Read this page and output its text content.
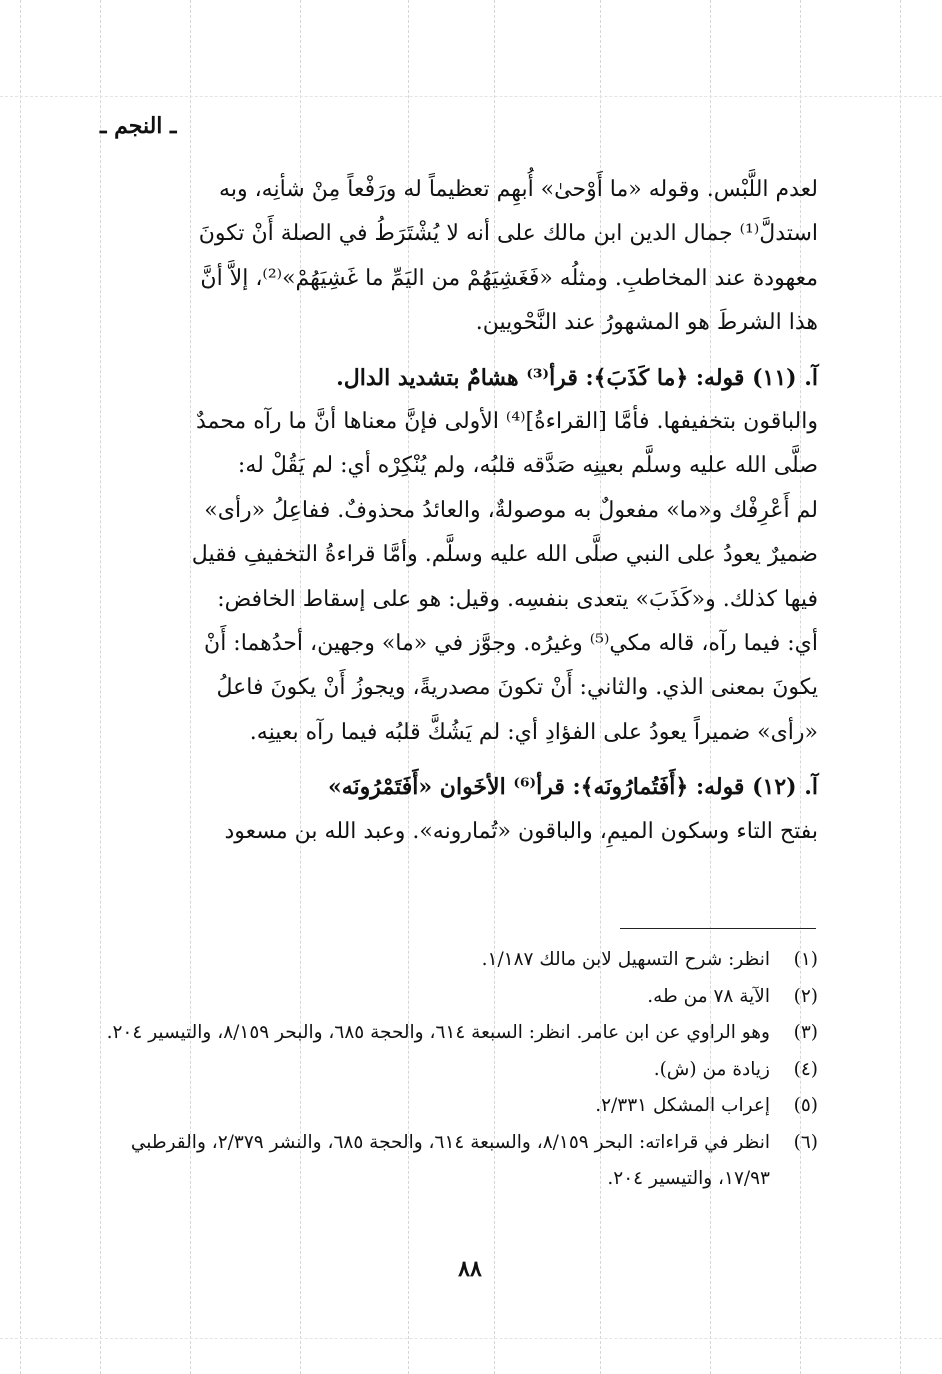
ـ النجم ـ

لعدم اللَّبْس. وقوله «ما أَوْحىٰ» أُبهِم تعظيماً له ورَفْعاً مِنْ شأنِه، وبه

استدلَّ⁽¹⁾ جمال الدين ابن مالك على أنه لا يُشْتَرَطُ في الصلة أَنْ تكونَ

معهودة عند المخاطبِ. ومثلُه «فَغَشِيَهُمْ من اليَمِّ ما غَشِيَهُمْ»⁽²⁾، إلاَّ أنَّ

هذا الشرطَ هو المشهورُ عند النَّحْويين.

آ. (١١) قوله: ﴿ما كَذَبَ﴾: قرأ⁽³⁾ هشامٌ بتشديد الدال.

والباقون بتخفيفها. فأمَّا [القراءةُ]⁽⁴⁾ الأولى فإنَّ معناها أنَّ ما رآه محمدٌ

صلَّى الله عليه وسلَّم بعينِه صَدَّقه قلبُه، ولم يُنْكِرْه أي: لم يَقُلْ له:

لم أَعْرِفْك و«ما» مفعولٌ به موصولةٌ، والعائدُ محذوفٌ. ففاعِلُ «رأى»

ضميرٌ يعودُ على النبي صلَّى الله عليه وسلَّم. وأمَّا قراءةُ التخفيفِ فقيل

فيها كذلك. و«كَذَبَ» يتعدى بنفسِه. وقيل: هو على إسقاط الخافض:

أي: فيما رآه، قاله مكي⁽⁵⁾ وغيرُه. وجوَّز في «ما» وجهين، أحدُهما: أَنْ

يكونَ بمعنى الذي. والثاني: أَنْ تكونَ مصدريةً، ويجوزُ أَنْ يكونَ فاعلُ

«رأى» ضميراً يعودُ على الفؤادِ أي: لم يَشُكَّ قلبُه فيما رآه بعينِه.

آ. (١٢) قوله: ﴿أَفَتُمارُونَه﴾: قرأ⁽⁶⁾ الأخَوان «أَفَتَمْرُونَه»

بفتح التاء وسكون الميمِ، والباقون «تُمارونه». وعبد الله بن مسعود

(١)
انظر: شرح التسهيل لابن مالك ١/١٨٧.
(٢)
الآية ٧٨ من طه.
(٣)
وهو الراوي عن ابن عامر. انظر: السبعة ٦١٤، والحجة ٦٨٥، والبحر ٨/١٥٩، والتيسير ٢٠٤.
(٤)
زيادة من (ش).
(٥)
إعراب المشكل ٢/٣٣١.
(٦)
انظر في قراءاته: البحر ٨/١٥٩، والسبعة ٦١٤، والحجة ٦٨٥، والنشر ٢/٣٧٩، والقرطبي ١٧/٩٣، والتيسير ٢٠٤.
٨٨
